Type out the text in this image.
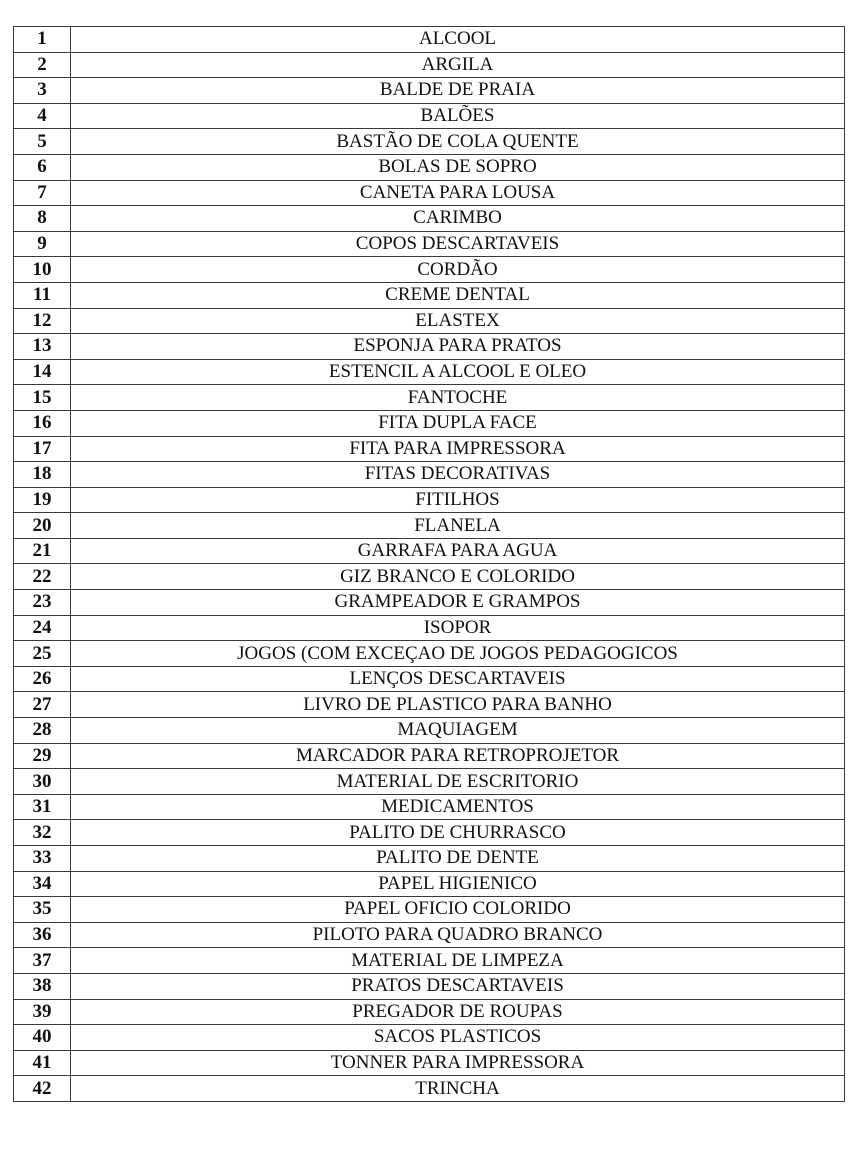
1	ALCOOL
2	ARGILA
3	BALDE DE PRAIA
4	BALÕES
5	BASTÃO DE COLA QUENTE
6	BOLAS DE SOPRO
7	CANETA PARA LOUSA
8	CARIMBO
9	COPOS DESCARTAVEIS
10	CORDÃO
11	CREME DENTAL
12	ELASTEX
13	ESPONJA PARA PRATOS
14	ESTENCIL A ALCOOL E OLEO
15	FANTOCHE
16	FITA DUPLA FACE
17	FITA PARA IMPRESSORA
18	FITAS DECORATIVAS
19	FITILHOS
20	FLANELA
21	GARRAFA PARA AGUA
22	GIZ BRANCO E COLORIDO
23	GRAMPEADOR E GRAMPOS
24	ISOPOR
25	JOGOS (COM EXCEÇAO DE JOGOS PEDAGOGICOS
26	LENÇOS DESCARTAVEIS
27	LIVRO DE PLASTICO PARA BANHO
28	MAQUIAGEM
29	MARCADOR PARA RETROPROJETOR
30	MATERIAL DE ESCRITORIO
31	MEDICAMENTOS
32	PALITO DE CHURRASCO
33	PALITO DE DENTE
34	PAPEL HIGIENICO
35	PAPEL OFICIO COLORIDO
36	PILOTO PARA QUADRO BRANCO
37	MATERIAL DE LIMPEZA
38	PRATOS DESCARTAVEIS
39	PREGADOR DE ROUPAS
40	SACOS PLASTICOS
41	TONNER PARA IMPRESSORA
42	TRINCHA
